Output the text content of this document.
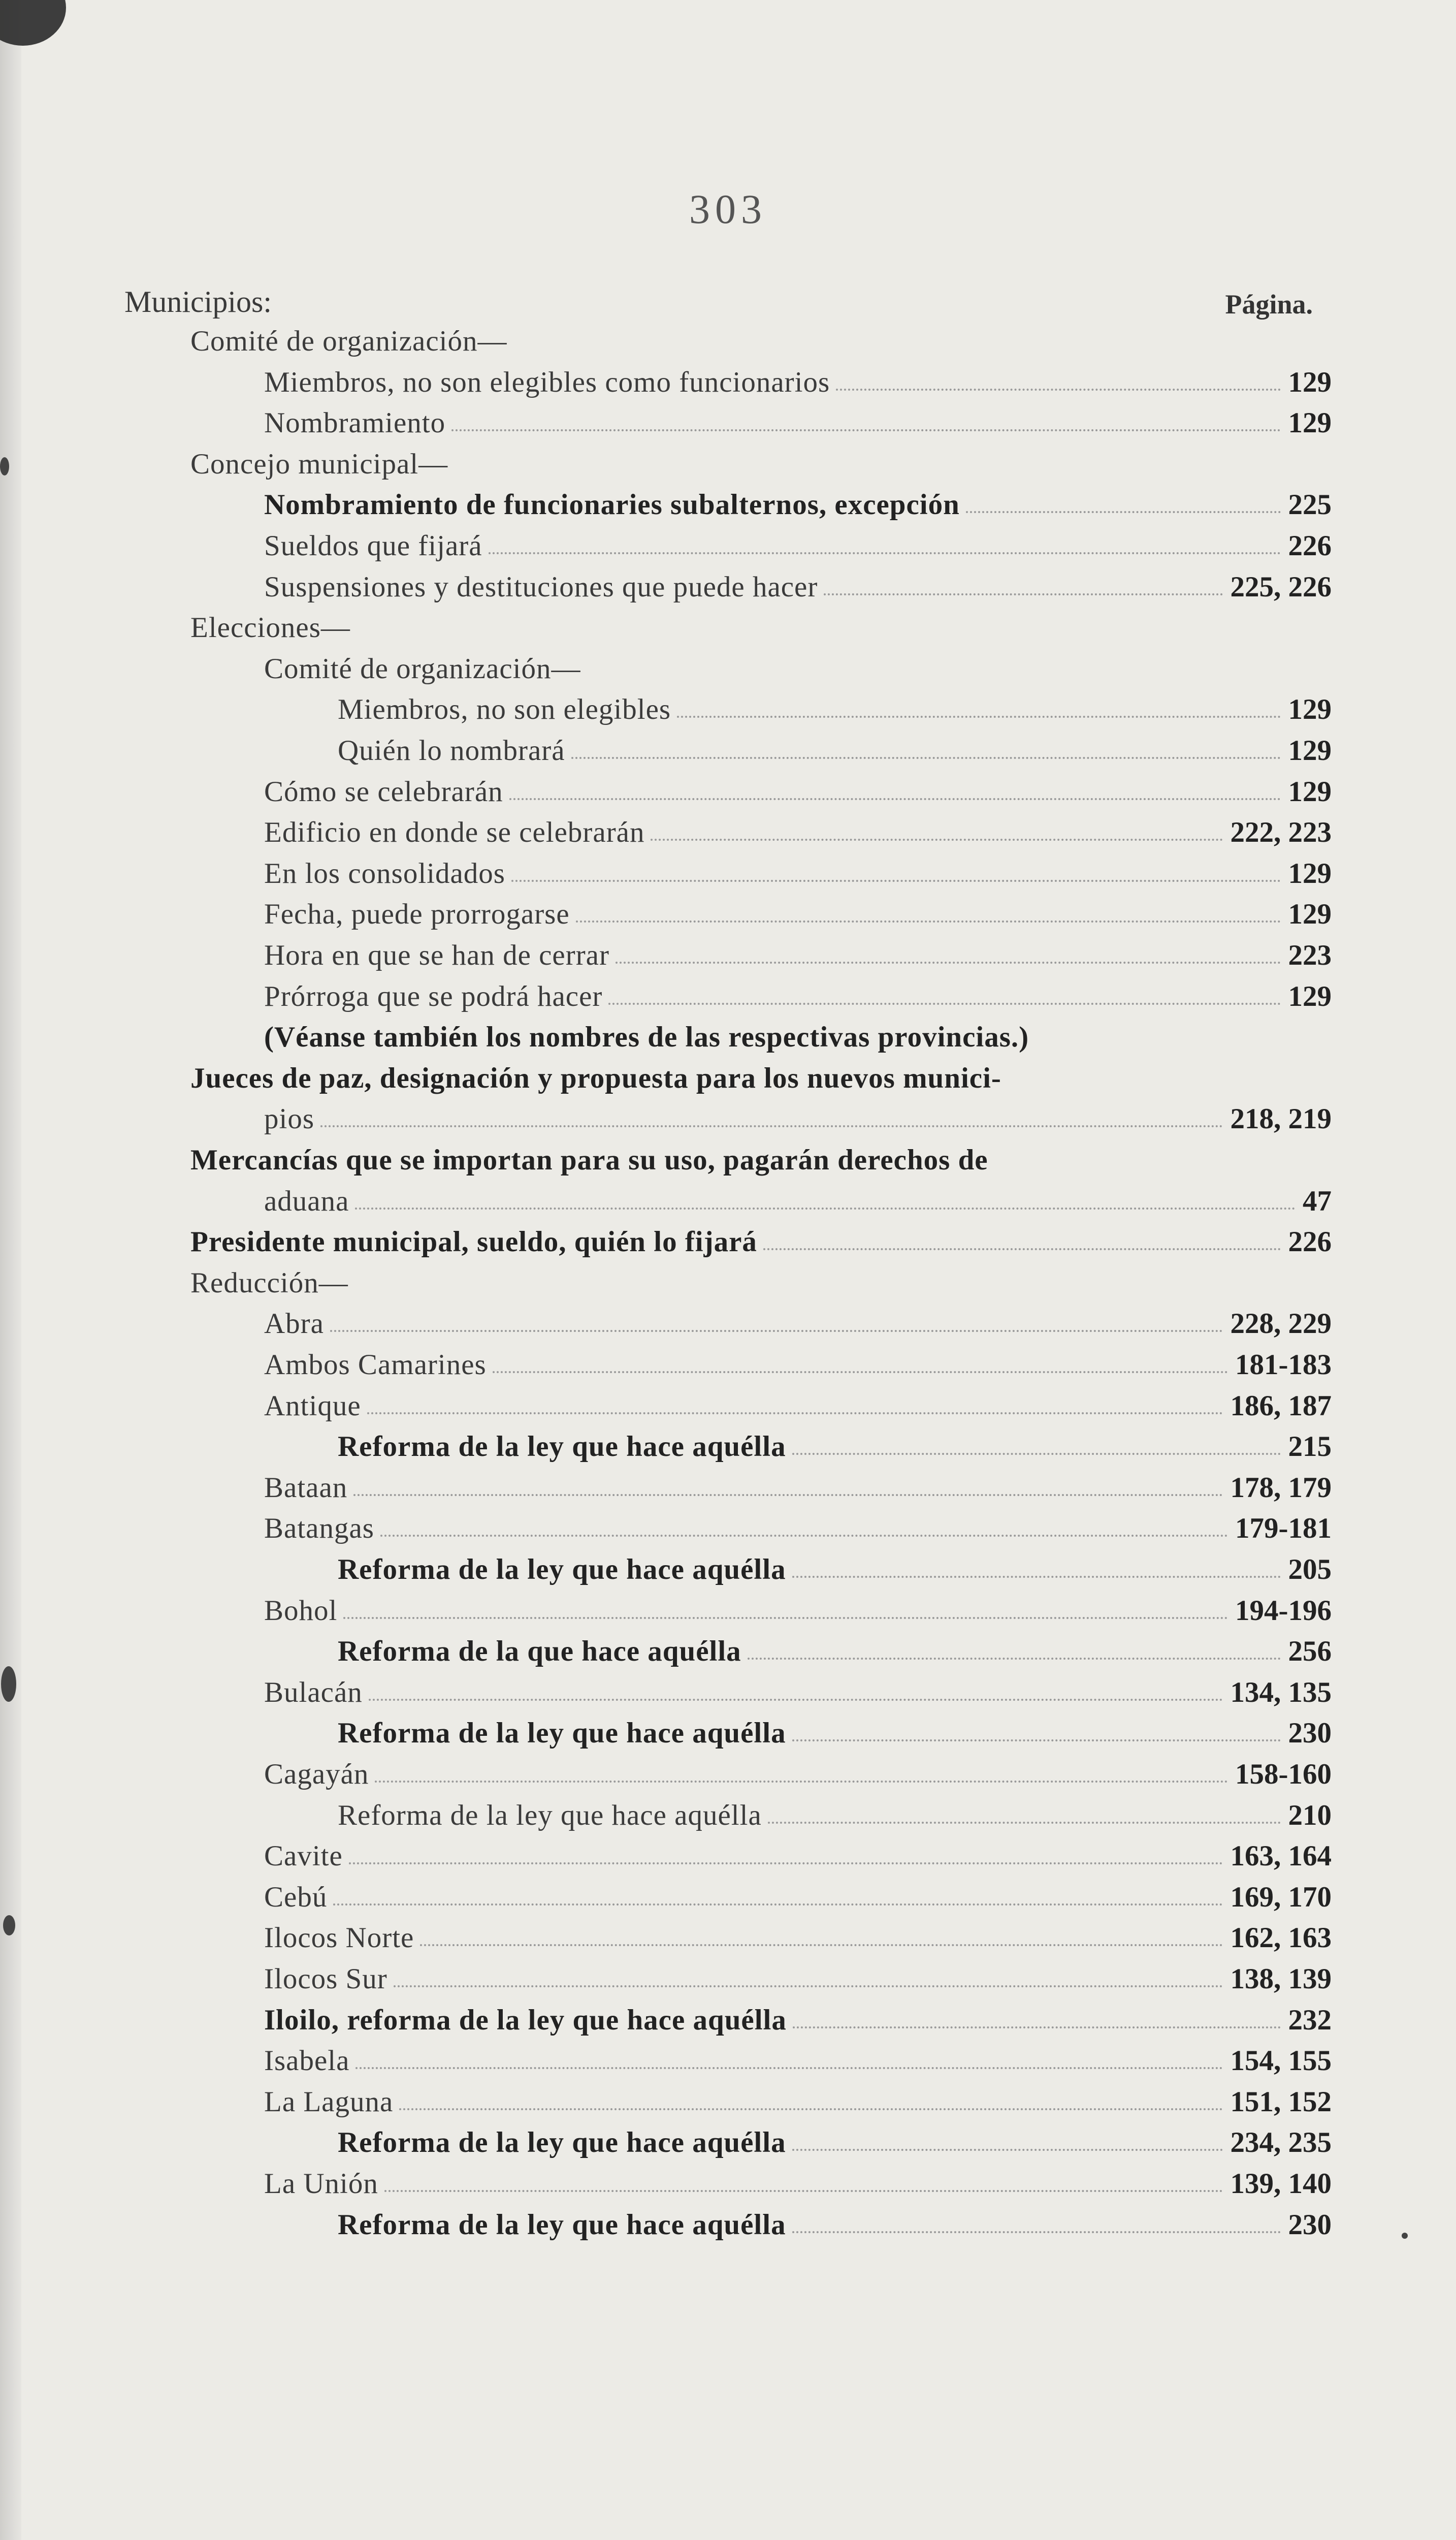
303
Municipios:	Página.
Comité de organización—
Miembros, no son elegibles como funcionarios	129
Nombramiento	129
Concejo municipal—
Nombramiento de funcionaries subalternos, excepción	225
Sueldos que fijará	226
Suspensiones y destituciones que puede hacer	225, 226
Elecciones—
Comité de organización—
Miembros, no son elegibles	129
Quién lo nombrará	129
Cómo se celebrarán	129
Edificio en donde se celebrarán	222, 223
En los consolidados	129
Fecha, puede prorrogarse	129
Hora en que se han de cerrar	223
Prórroga que se podrá hacer	129
(Véanse también los nombres de las respectivas provincias.)
Jueces de paz, designación y propuesta para los nuevos munici-
pios	218, 219
Mercancías que se importan para su uso, pagarán derechos de
aduana	47
Presidente municipal, sueldo, quién lo fijará	226
Reducción—
Abra	228, 229
Ambos Camarines	181-183
Antique	186, 187
Reforma de la ley que hace aquélla	215
Bataan	178, 179
Batangas	179-181
Reforma de la ley que hace aquélla	205
Bohol	194-196
Reforma de la que hace aquélla	256
Bulacán	134, 135
Reforma de la ley que hace aquélla	230
Cagayán	158-160
Reforma de la ley que hace aquélla	210
Cavite	163, 164
Cebú	169, 170
Ilocos Norte	162, 163
Ilocos Sur	138, 139
Iloilo, reforma de la ley que hace aquélla	232
Isabela	154, 155
La Laguna	151, 152
Reforma de la ley que hace aquélla	234, 235
La Unión	139, 140
Reforma de la ley que hace aquélla	230
